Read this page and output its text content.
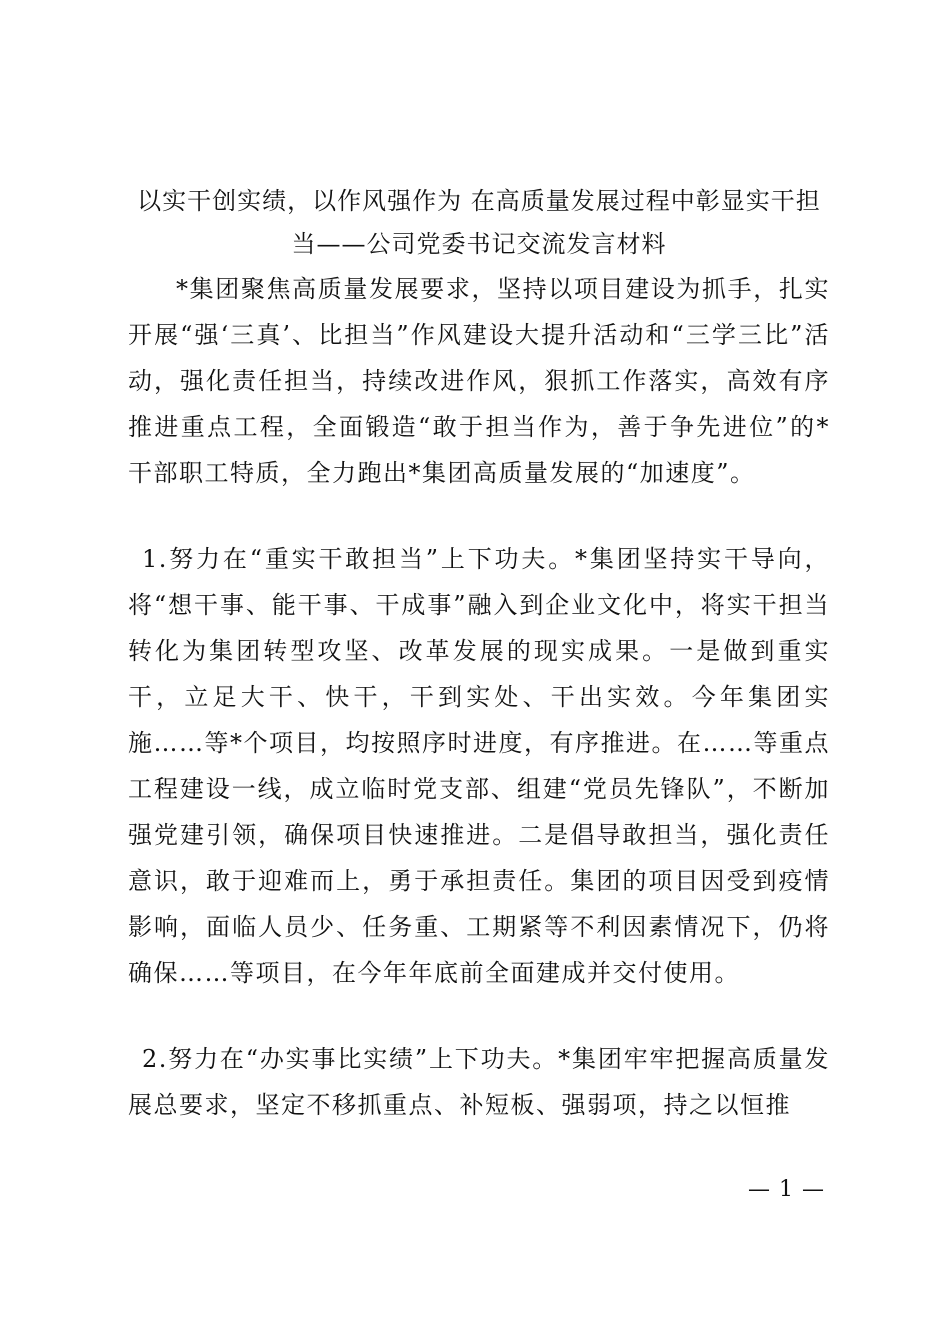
以实干创实绩，以作风强作为 在高质量发展过程中彰显实干担
当——公司党委书记交流发言材料

*集团聚焦高质量发展要求，坚持以项目建设为抓手，扎实开展“强‘三真’、比担当”作风建设大提升活动和“三学三比”活动，强化责任担当，持续改进作风，狠抓工作落实，高效有序推进重点工程，全面锻造“敢于担当作为，善于争先进位”的*干部职工特质，全力跑出*集团高质量发展的“加速度”。

1.努力在“重实干敢担当”上下功夫。*集团坚持实干导向，将“想干事、能干事、干成事”融入到企业文化中，将实干担当转化为集团转型攻坚、改革发展的现实成果。一是做到重实干，立足大干、快干，干到实处、干出实效。今年集团实施……等*个项目，均按照序时进度，有序推进。在……等重点工程建设一线，成立临时党支部、组建“党员先锋队”，不断加强党建引领，确保项目快速推进。二是倡导敢担当，强化责任意识，敢于迎难而上，勇于承担责任。集团的项目因受到疫情影响，面临人员少、任务重、工期紧等不利因素情况下，仍将确保……等项目，在今年年底前全面建成并交付使用。

2.努力在“办实事比实绩”上下功夫。*集团牢牢把握高质量发展总要求，坚定不移抓重点、补短板、强弱项，持之以恒推

— 1 —
